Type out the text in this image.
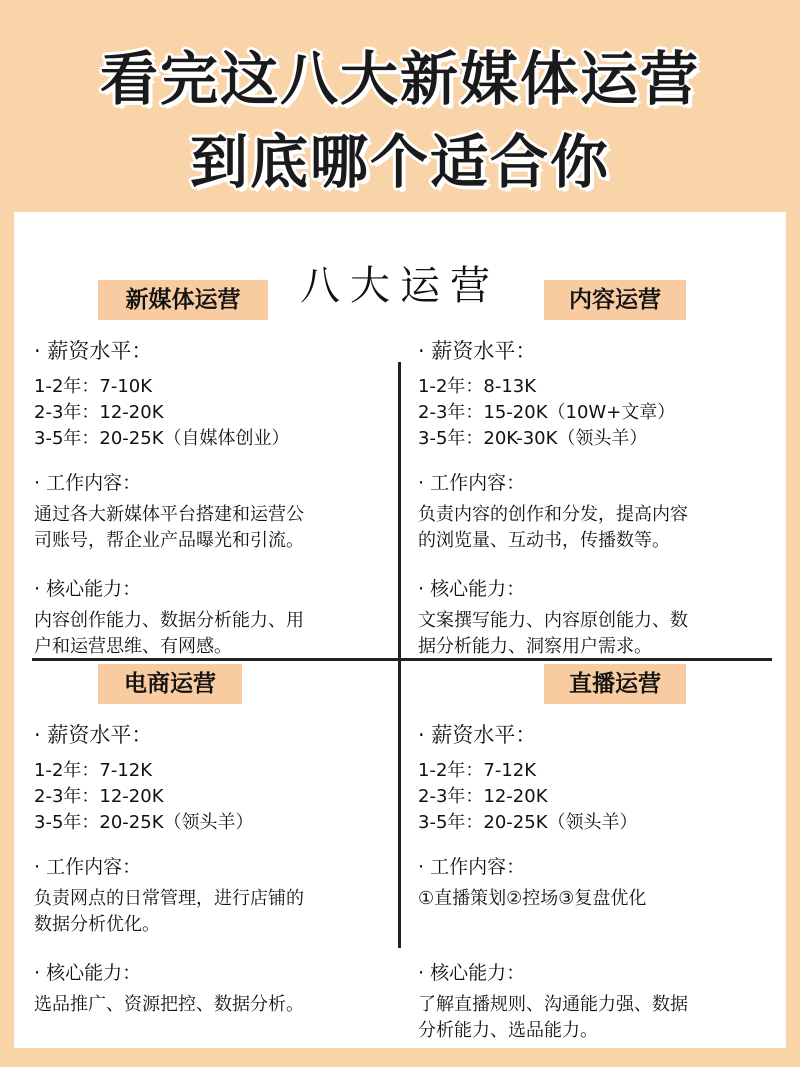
看完这八大新媒体运营
到底哪个适合你
八大运营
新媒体运营

· 薪资水平：

1-2年：7-10K

2-3年：12-20K

3-5年：20-25K（自媒体创业）

· 工作内容：

通过各大新媒体平台搭建和运营公

司账号，帮企业产品曝光和引流。

· 核心能力：

内容创作能力、数据分析能力、用

户和运营思维、有网感。

内容运营

· 薪资水平：

1-2年：8-13K

2-3年：15-20K（10W+文章）

3-5年：20K-30K（领头羊）

· 工作内容：

负责内容的创作和分发，提高内容

的浏览量、互动书，传播数等。

· 核心能力：

文案撰写能力、内容原创能力、数

据分析能力、洞察用户需求。

电商运营

· 薪资水平：

1-2年：7-12K

2-3年：12-20K

3-5年：20-25K（领头羊）

· 工作内容：

负责网点的日常管理，进行店铺的

数据分析优化。

· 核心能力：

选品推广、资源把控、数据分析。

直播运营

· 薪资水平：

1-2年：7-12K

2-3年：12-20K

3-5年：20-25K（领头羊）

· 工作内容：

①直播策划②控场③复盘优化

· 核心能力：

了解直播规则、沟通能力强、数据

分析能力、选品能力。
